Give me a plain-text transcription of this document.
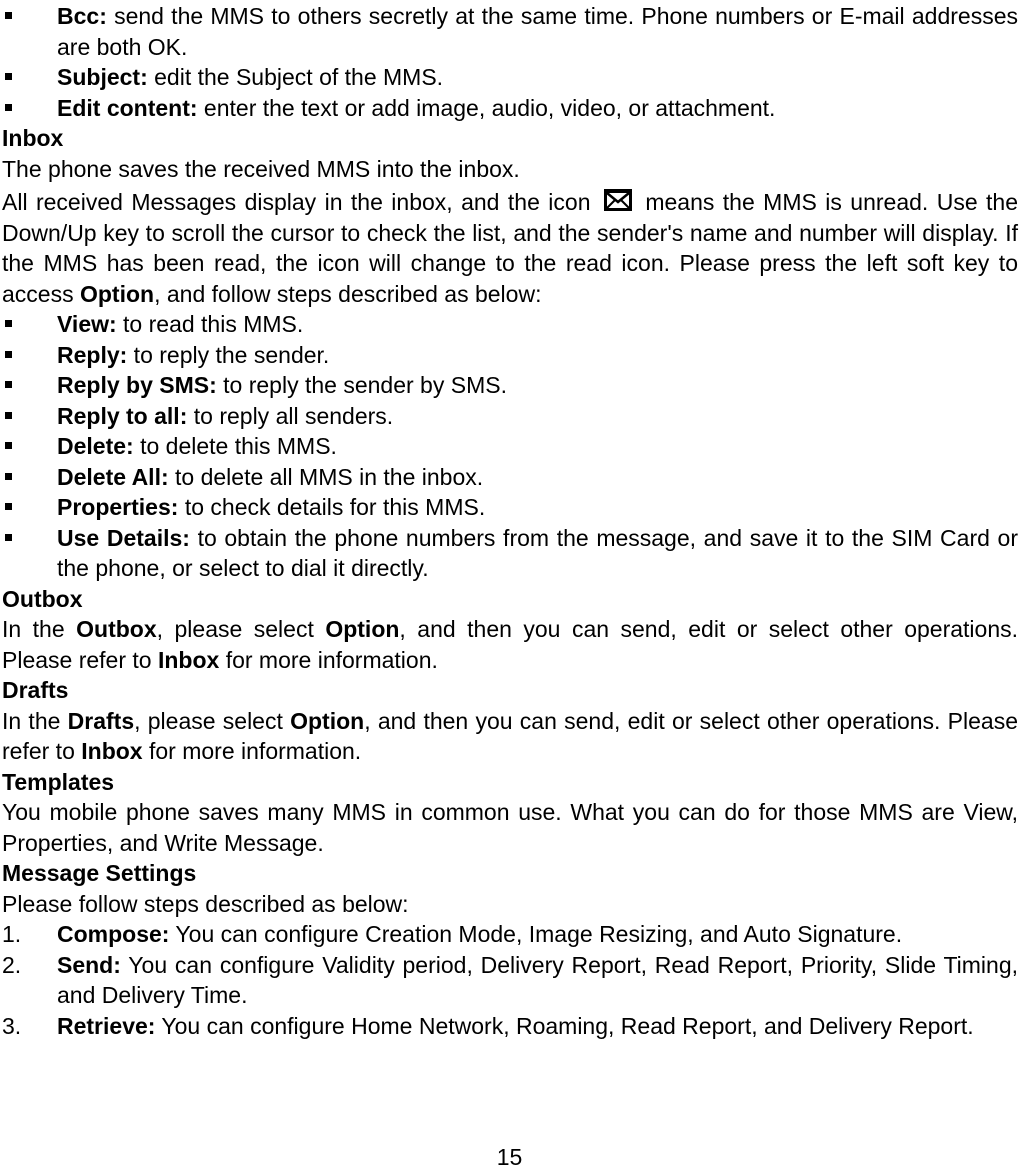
Bcc: send the MMS to others secretly at the same time. Phone numbers or E-mail addresses are both OK.
Subject: edit the Subject of the MMS.
Edit content: enter the text or add image, audio, video, or attachment.
Inbox
The phone saves the received MMS into the inbox.
All received Messages display in the inbox, and the icon means the MMS is unread. Use the Down/Up key to scroll the cursor to check the list, and the sender's name and number will display. If the MMS has been read, the icon will change to the read icon. Please press the left soft key to access Option, and follow steps described as below:
View: to read this MMS.
Reply: to reply the sender.
Reply by SMS: to reply the sender by SMS.
Reply to all: to reply all senders.
Delete: to delete this MMS.
Delete All: to delete all MMS in the inbox.
Properties: to check details for this MMS.
Use Details: to obtain the phone numbers from the message, and save it to the SIM Card or the phone, or select to dial it directly.
Outbox
In the Outbox, please select Option, and then you can send, edit or select other operations. Please refer to Inbox for more information.
Drafts
In the Drafts, please select Option, and then you can send, edit or select other operations. Please refer to Inbox for more information.
Templates
You mobile phone saves many MMS in common use. What you can do for those MMS are View, Properties, and Write Message.
Message Settings
Please follow steps described as below:
1. Compose: You can configure Creation Mode, Image Resizing, and Auto Signature.
2. Send: You can configure Validity period, Delivery Report, Read Report, Priority, Slide Timing, and Delivery Time.
3. Retrieve: You can configure Home Network, Roaming, Read Report, and Delivery Report.
15
